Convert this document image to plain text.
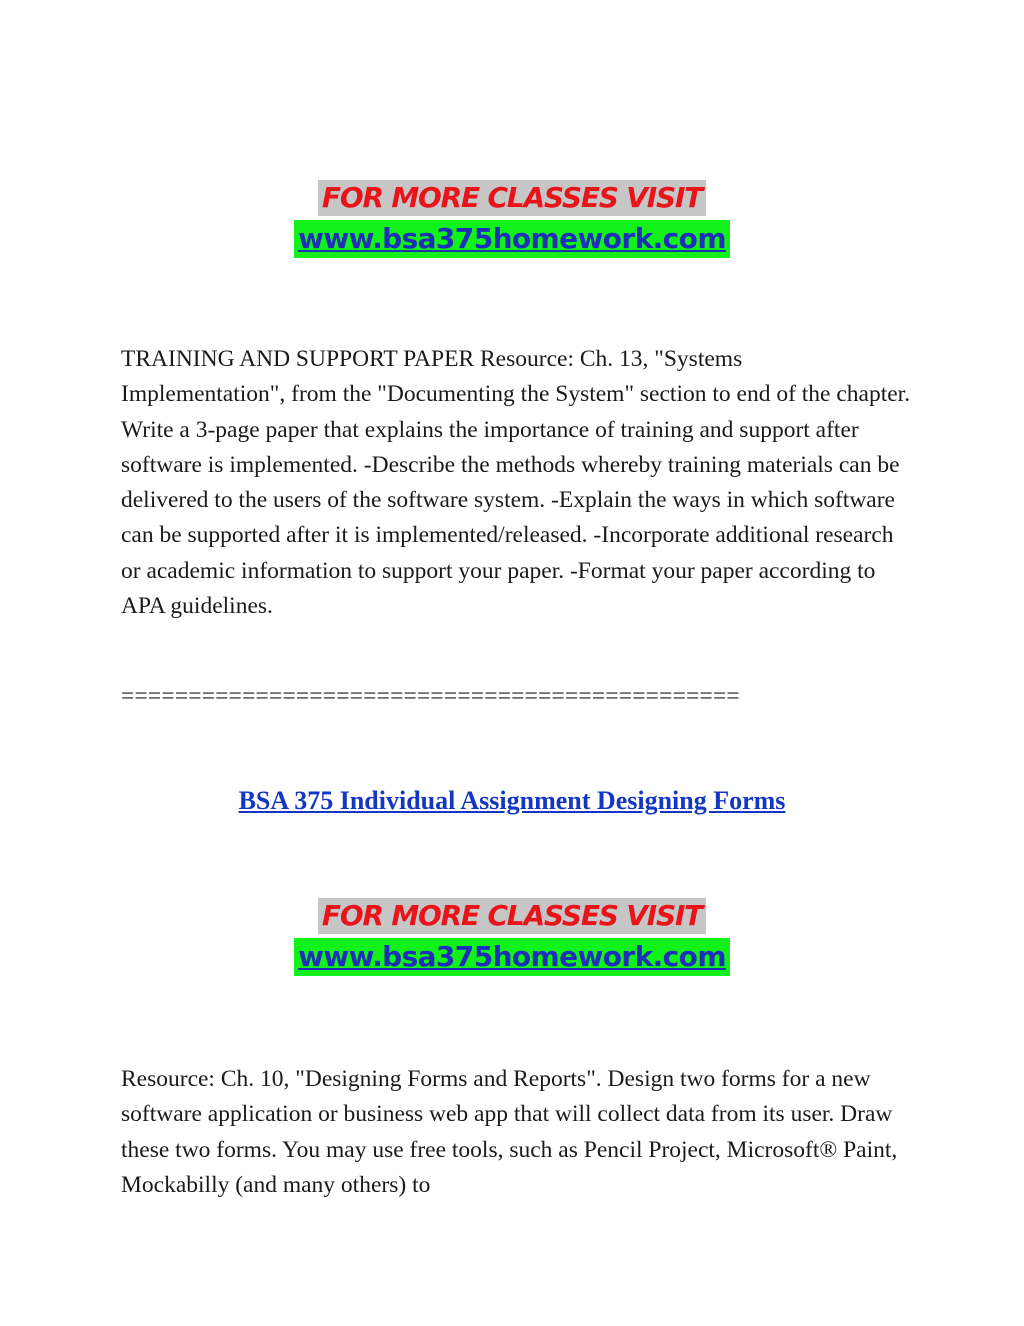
FOR MORE CLASSES VISIT
www.bsa375homework.com

TRAINING AND SUPPORT PAPER Resource: Ch. 13, "Systems Implementation", from the "Documenting the System" section to end of the chapter. Write a 3-page paper that explains the importance of training and support after software is implemented. -Describe the methods whereby training materials can be delivered to the users of the software system. -Explain the ways in which software can be supported after it is implemented/released. -Incorporate additional research or academic information to support your paper. -Format your paper according to APA guidelines.

==============================================
BSA 375 Individual Assignment Designing Forms
FOR MORE CLASSES VISIT
www.bsa375homework.com

Resource: Ch. 10, "Designing Forms and Reports". Design two forms for a new software application or business web app that will collect data from its user. Draw these two forms. You may use free tools, such as Pencil Project, Microsoft® Paint, Mockabilly (and many others) to
